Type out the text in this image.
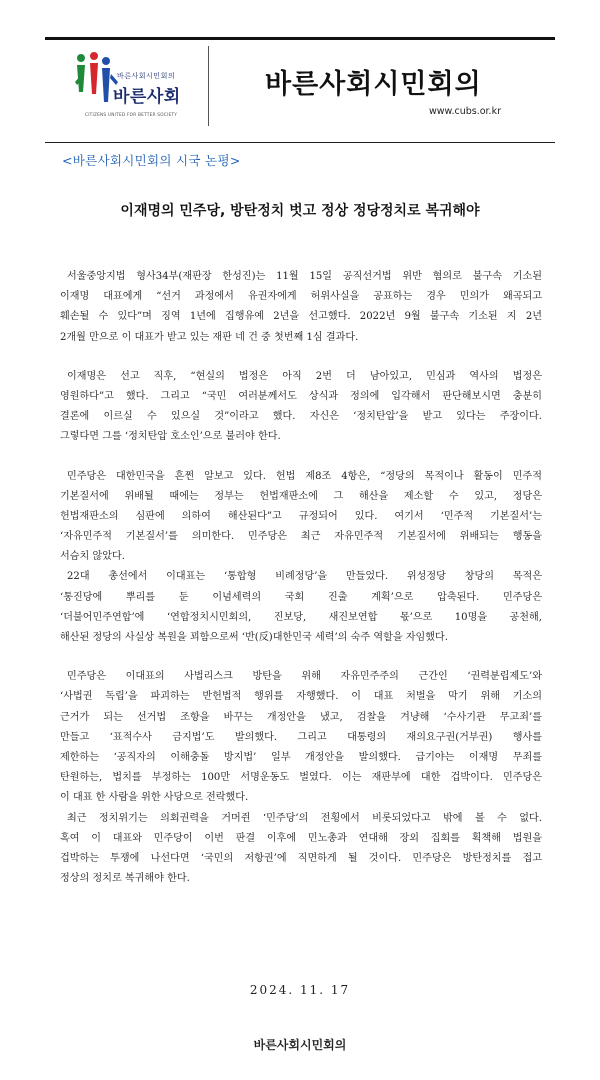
바른사회시민회의
바른사회
CITIZENS UNITED FOR BETTER SOCIETY
바른사회시민회의
www.cubs.or.kr
<바른사회시민회의 시국 논평>
이재명의 민주당, 방탄정치 벗고 정상 정당정치로 복귀해야
서울중앙지법 형사34부(재판장 한성진)는 11월 15일 공직선거법 위반 혐의로 불구속 기소된
이재명 대표에게 “선거 과정에서 유권자에게 허위사실을 공표하는 경우 민의가 왜곡되고
훼손될 수 있다”며 징역 1년에 집행유예 2년을 선고했다. 2022년 9월 불구속 기소된 지 2년
2개월 만으로 이 대표가 받고 있는 재판 네 건 중 첫번째 1심 결과다.
이재명은 선고 직후, “현실의 법정은 아직 2번 더 남아있고, 민심과 역사의 법정은
영원하다”고 했다. 그리고 “국민 여러분께서도 상식과 정의에 입각해서 판단해보시면 충분히
결론에 이르실 수 있으실 것”이라고 했다. 자신은 ‘정치탄압’을 받고 있다는 주장이다.
그렇다면 그를 ‘정치탄압 호소인’으로 불러야 한다.
민주당은 대한민국을 흔쩐 알보고 있다. 헌법 제8조 4항은, “정당의 목적이나 활동이 민주적
기본질서에 위배될 때에는 정부는 헌법재판소에 그 해산을 제소할 수 있고, 정당은
헌법재판소의 심판에 의하여 해산된다”고 규정되어 있다. 여기서 ‘민주적 기본질서’는
‘자유민주적 기본질서’를 의미한다. 민주당은 최근 자유민주적 기본질서에 위배되는 행동을
서슴치 않았다.
22대 총선에서 이대표는 ‘통합형 비례정당’을 만들었다. 위성정당 창당의 목적은
‘통진당에 뿌리를 둔 이념세력의 국회 진출 계획’으로 압축된다. 민주당은
‘더불어민주연합’에 ‘연합정치시민회의, 진보당, 새진보연합 몫’으로 10명을 공천해,
해산된 정당의 사실상 복원을 꾀함으로써 ‘반(反)대한민국 세력’의 숙주 역할을 자임했다.
민주당은 이대표의 사법리스크 방탄을 위해 자유민주주의 근간인 ‘권력분립제도’와
‘사법권 독립’을 파괴하는 반헌법적 행위를 자행했다. 이 대표 처벌을 막기 위해 기소의
근거가 되는 선거법 조항을 바꾸는 개정안을 냈고, 검찰을 겨냥해 ‘수사기관 무고죄’를
만들고 ‘표적수사 금지법’도 발의했다. 그리고 대통령의 재의요구권(거부권) 행사를
제한하는 ‘공직자의 이해충돌 방지법’ 일부 개정안을 발의했다. 급기야는 이재명 무죄를
탄원하는, 법치를 부정하는 100만 서명운동도 벌였다. 이는 재판부에 대한 겁박이다. 민주당은
이 대표 한 사람을 위한 사당으로 전락했다.
최근 정치위기는 의회권력을 거머쥔 ‘민주당’의 전횡에서 비롯되었다고 밖에 볼 수 없다.
혹여 이 대표와 민주당이 이번 판결 이후에 민노총과 연대해 장외 집회를 획책해 법원을
겁박하는 투쟁에 나선다면 ‘국민의 저항권’에 직면하게 될 것이다. 민주당은 방탄정치를 접고
정상의 정치로 복귀해야 한다.
2024. 11. 17
바른사회시민회의
